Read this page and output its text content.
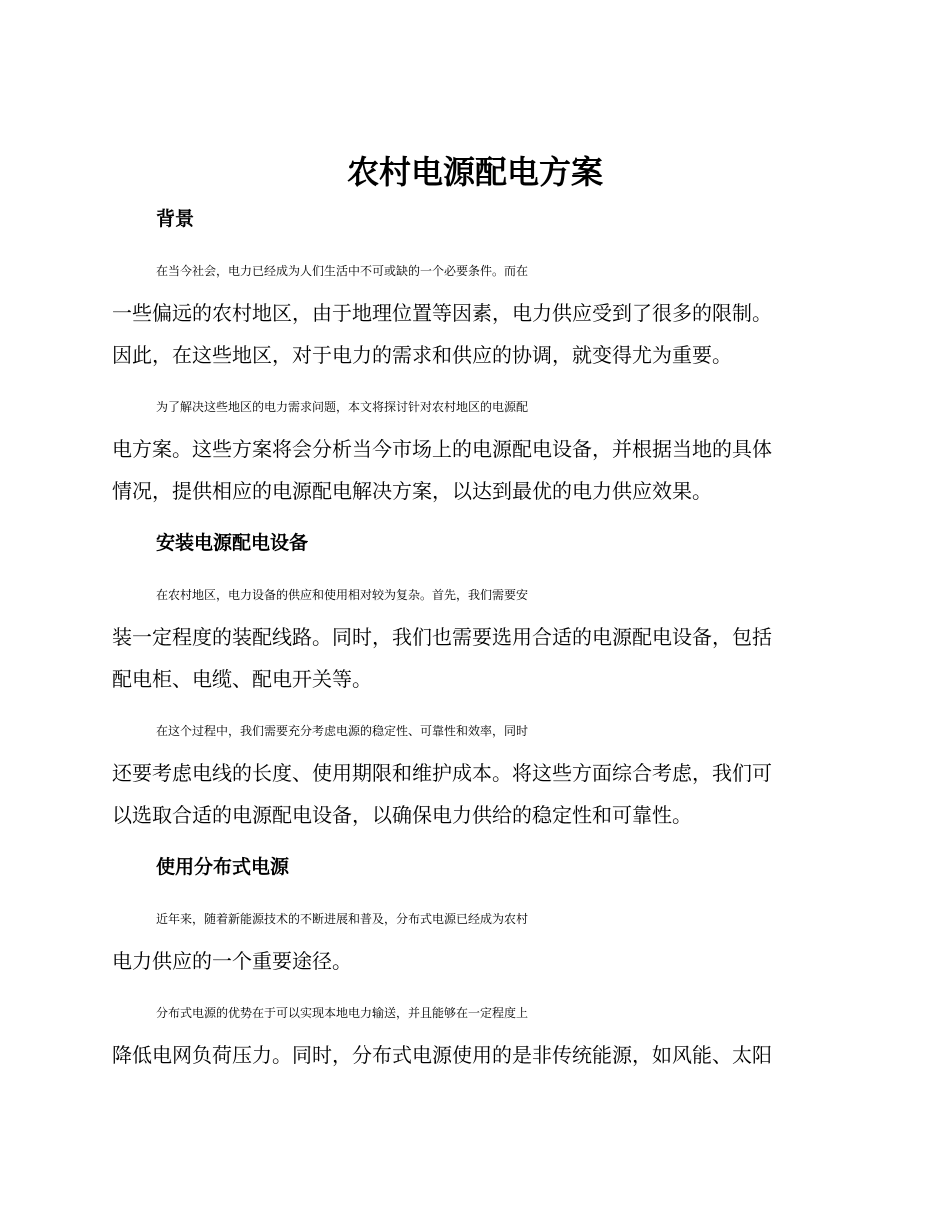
农村电源配电方案
背景
在当今社会，电力已经成为人们生活中不可或缺的一个必要条件。而在
一些偏远的农村地区，由于地理位置等因素，电力供应受到了很多的限制。
因此，在这些地区，对于电力的需求和供应的协调，就变得尤为重要。
为了解决这些地区的电力需求问题，本文将探讨针对农村地区的电源配
电方案。这些方案将会分析当今市场上的电源配电设备，并根据当地的具体
情况，提供相应的电源配电解决方案，以达到最优的电力供应效果。
安装电源配电设备
在农村地区，电力设备的供应和使用相对较为复杂。首先，我们需要安
装一定程度的装配线路。同时，我们也需要选用合适的电源配电设备，包括
配电柜、电缆、配电开关等。
在这个过程中，我们需要充分考虑电源的稳定性、可靠性和效率，同时
还要考虑电线的长度、使用期限和维护成本。将这些方面综合考虑，我们可
以选取合适的电源配电设备，以确保电力供给的稳定性和可靠性。
使用分布式电源
近年来，随着新能源技术的不断进展和普及，分布式电源已经成为农村
电力供应的一个重要途径。
分布式电源的优势在于可以实现本地电力输送，并且能够在一定程度上
降低电网负荷压力。同时，分布式电源使用的是非传统能源，如风能、太阳
